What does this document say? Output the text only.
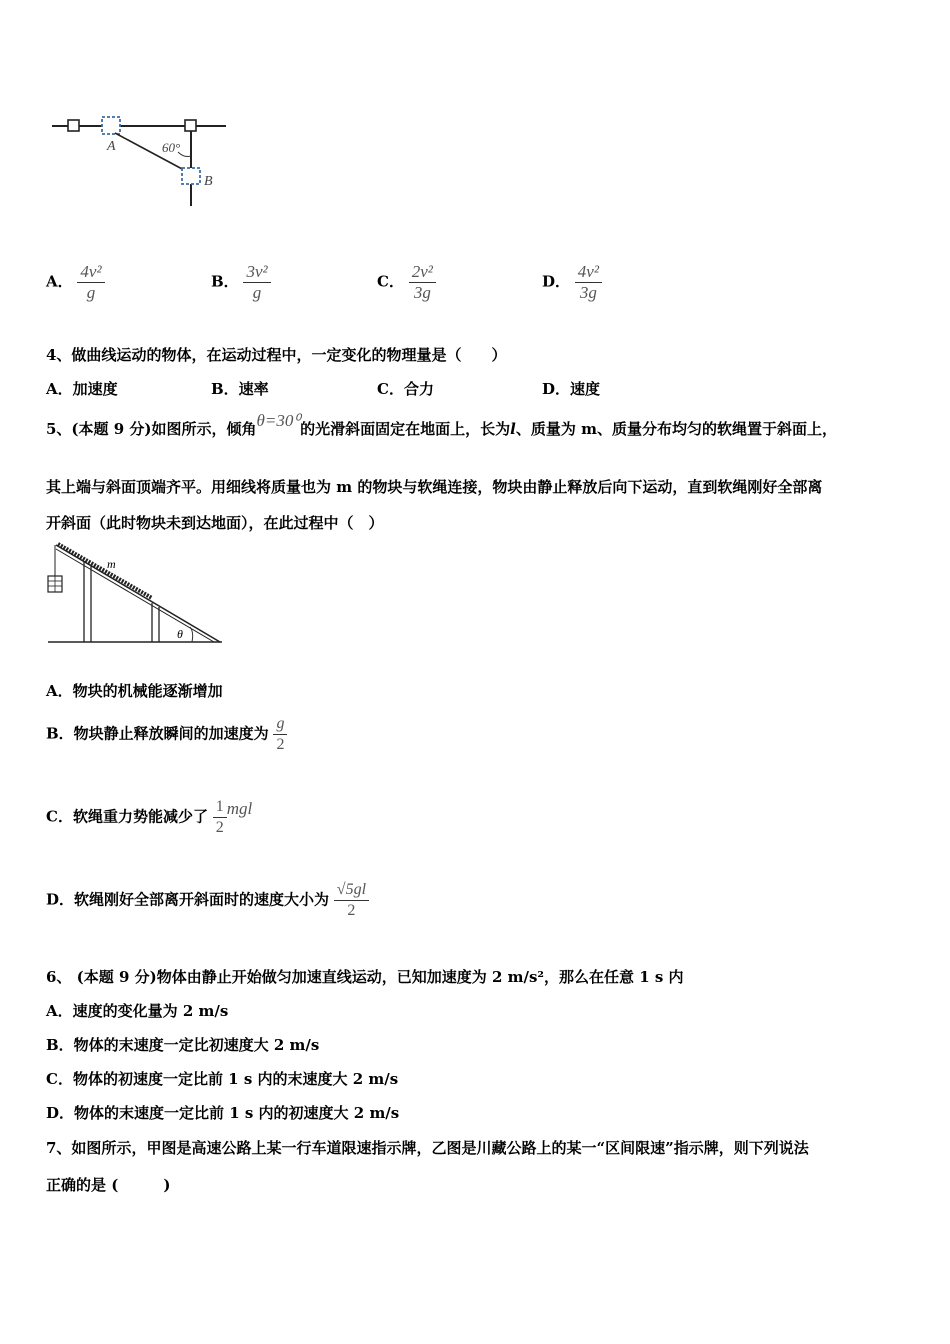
60°
A
B
A． $\frac{\text{4v²}}{g}$	B． $\frac{\text{3v²}}{g}$	C． $\frac{\text{2v²}}{3g}$	D． $\frac{\text{4v²}}{3g}$
4、做曲线运动的物体，在运动过程中，一定变化的物理量是（　　）
A．加速度	B．速率	C．合力	D．速度
5、(本题 9 分)如图所示，倾角θ=30⁰的光滑斜面固定在地面上，长为l、质量为 m、质量分布均匀的软绳置于斜面上，
其上端与斜面顶端齐平。用细线将质量也为 m 的物块与软绳连接，物块由静止释放后向下运动，直到软绳刚好全部离
开斜面（此时物块未到达地面），在此过程中（　）
m
θ
A．物块的机械能逐渐增加
B．物块静止释放瞬间的加速度为 $\frac{g}{2}$
C．软绳重力势能减少了 $\frac{1}{2}$ mgl
D．软绳刚好全部离开斜面时的速度大小为 $\frac{√5gl}{2}$
6、 (本题 9 分)物体由静止开始做匀加速直线运动，已知加速度为 2 m/s²，那么在任意 1 s 内
A．速度的变化量为 2 m/s
B．物体的末速度一定比初速度大 2 m/s
C．物体的初速度一定比前 1 s 内的末速度大 2 m/s
D．物体的末速度一定比前 1 s 内的初速度大 2 m/s
7、如图所示，甲图是高速公路上某一行车道限速指示牌，乙图是川藏公路上的某一“区间限速”指示牌，则下列说法
正确的是 (　　　)
